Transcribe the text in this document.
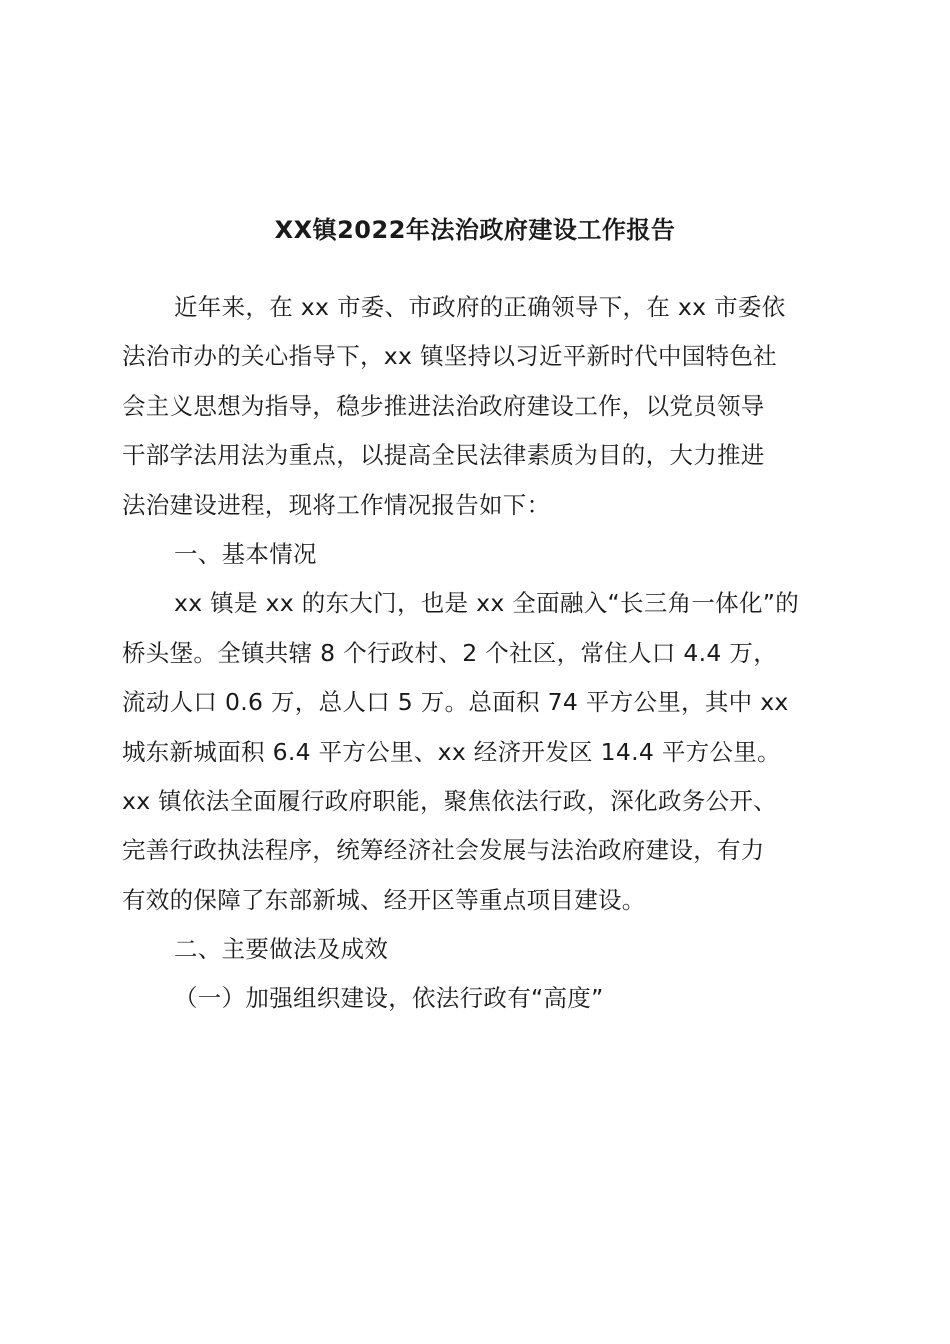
XX镇2022年法治政府建设工作报告
近年来，在 xx 市委、市政府的正确领导下，在 xx 市委依
法治市办的关心指导下，xx 镇坚持以习近平新时代中国特色社
会主义思想为指导，稳步推进法治政府建设工作，以党员领导
干部学法用法为重点，以提高全民法律素质为目的，大力推进
法治建设进程，现将工作情况报告如下：
一、基本情况
xx 镇是 xx 的东大门，也是 xx 全面融入“长三角一体化”的
桥头堡。全镇共辖 8 个行政村、2 个社区，常住人口 4.4 万，
流动人口 0.6 万，总人口 5 万。总面积 74 平方公里，其中 xx
城东新城面积 6.4 平方公里、xx 经济开发区 14.4 平方公里。
xx 镇依法全面履行政府职能，聚焦依法行政，深化政务公开、
完善行政执法程序，统筹经济社会发展与法治政府建设，有力
有效的保障了东部新城、经开区等重点项目建设。
二、主要做法及成效
（一）加强组织建设，依法行政有“高度”
